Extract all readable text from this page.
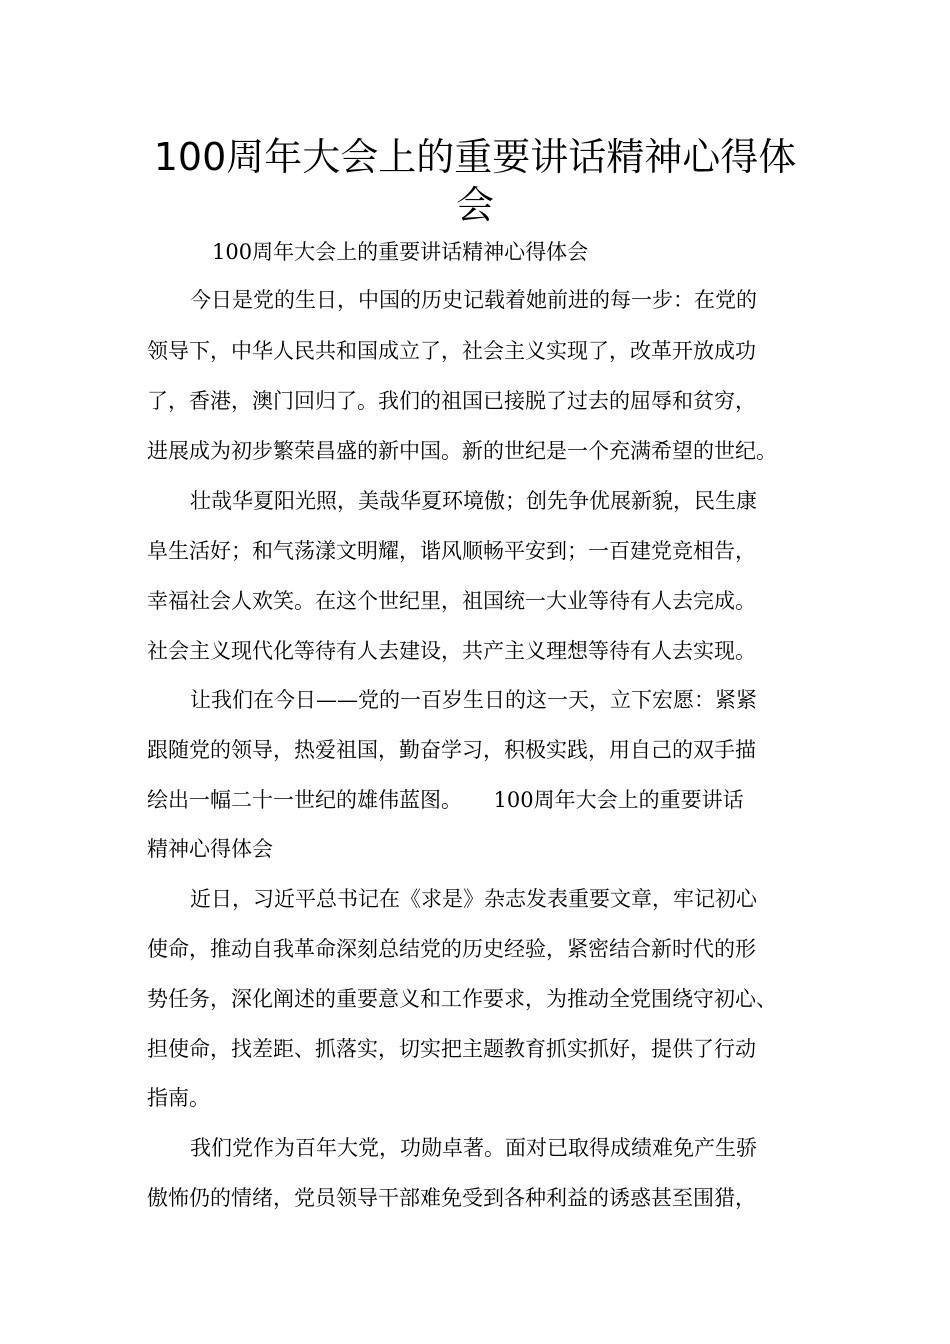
100周年大会上的重要讲话精神心得体
会
100周年大会上的重要讲话精神心得体会
今日是党的生日，中国的历史记载着她前进的每一步：在党的
领导下，中华人民共和国成立了，社会主义实现了，改革开放成功
了，香港，澳门回归了。我们的祖国已接脱了过去的屈辱和贫穷，
进展成为初步繁荣昌盛的新中国。新的世纪是一个充满希望的世纪。
壮哉华夏阳光照，美哉华夏环境傲；创先争优展新貌，民生康
阜生活好；和气荡漾文明耀，谐风顺畅平安到；一百建党竞相告，
幸福社会人欢笑。在这个世纪里，祖国统一大业等待有人去完成。
社会主义现代化等待有人去建设，共产主义理想等待有人去实现。
让我们在今日——党的一百岁生日的这一天，立下宏愿：紧紧
跟随党的领导，热爱祖国，勤奋学习，积极实践，用自己的双手描
绘出一幅二十一世纪的雄伟蓝图。　　100周年大会上的重要讲话
精神心得体会
近日，习近平总书记在《求是》杂志发表重要文章，牢记初心
使命，推动自我革命深刻总结党的历史经验，紧密结合新时代的形
势任务，深化阐述的重要意义和工作要求，为推动全党围绕守初心、
担使命，找差距、抓落实，切实把主题教育抓实抓好，提供了行动
指南。
我们党作为百年大党，功勋卓著。面对已取得成绩难免产生骄
傲怖仍的情绪，党员领导干部难免受到各种利益的诱惑甚至围猎，
